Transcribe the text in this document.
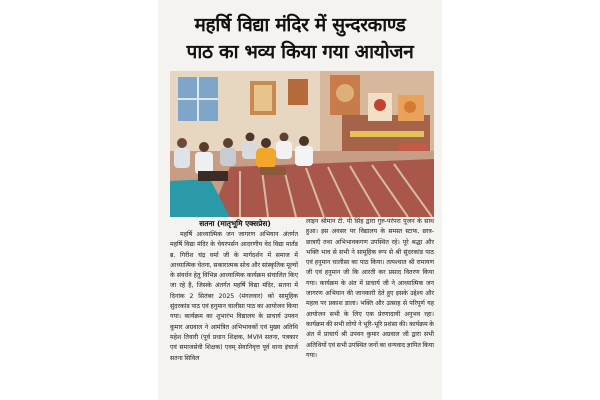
महर्षि विद्या मंदिर में सुन्दरकाण्ड
पाठ का भव्य किया गया आयोजन
सतना (मातृभूमि एक्सप्रेस)

महर्षि आध्यात्मिक जन जागरण अभियान अंतर्गत महर्षि विद्या मंदिर के चेयरपर्सन आदरणीय वेद विद्या मार्तंड ब्र. गिरीश चंद्र वर्मा जी के मार्गदर्शन में समाज में आध्यात्मिक चेतना, सकारात्मक सोच और सांस्कृतिक मूल्यों के संवर्धन हेतु विभिन्न आध्यात्मिक कार्यक्रम संचालित किए जा रहे है, जिसके अंतर्गत महर्षि विद्या मंदिर, सतना में दिनांक 2 सितंबर 2025 (मंगलवार) को सामूहिक सुंदरकांड पाठ एवं हनुमान चालीसा पाठ का आयोजन किया गया। कार्यक्रम का शुभारंभ विद्यालय के प्राचार्य उपवन कुमार अग्रवाल ने आमंत्रित अभिभावकों एवं मुख्य अतिथि महेश तिवारी (पूर्व प्रधान शिक्षक, MVM सतना, पत्रकार एवं समाजसेवी शिक्षक) एवम् सेवानिवृत्त पूर्व थाना इंचार्ज सतना सिविल

लाइन श्रीमान टी. पी सिंह द्वारा गुरु-परंपरा पूजन के साथ हुआ। इस अवसर पर विद्यालय के समस्त स्टाफ, छात्र-छात्राएँ तथा अभिभावकगण उपस्थित रहे। पूरे श्रद्धा और भक्ति भाव से सभी ने सामूहिक रूप से श्री सुंदरकांड पाठ एवं हनुमान चालीसा का पाठ किया। तत्पश्चात श्री रामायण जी एवं हनुमान जी कि आरती कर प्रसाद वितरण किया गया। कार्यक्रम के अंत में प्राचार्य जी ने आध्यात्मिक जन जागरण अभियान की जानकारी देते हुए इसके उद्देश्य और महत्व पर प्रकाश डाला। भक्ति और उत्साह से परिपूर्ण यह आयोजन सभी के लिए एक प्रेरणादायी अनुभव रहा। कार्यक्रम की सभी लोगो ने भूरि-भूरि प्रशंसा की। कार्यक्रम के अंत में प्राचार्य श्री उपवन कुमार अग्रवाल जी द्वारा सभी अतिथियों एवं सभी उपस्थित जनों का धन्यवाद ज्ञापित किया गया।
